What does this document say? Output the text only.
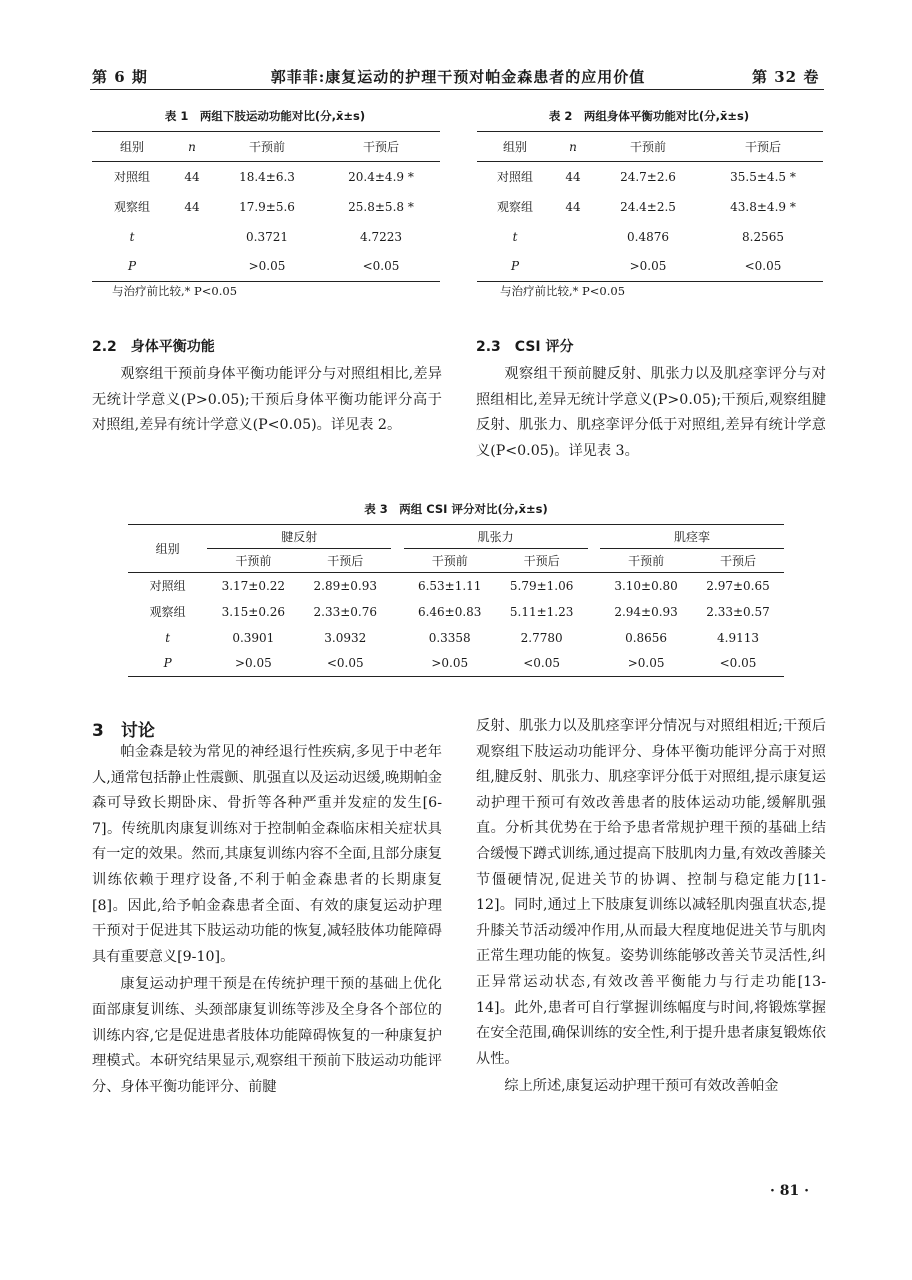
第 6 期	郭菲菲:康复运动的护理干预对帕金森患者的应用价值	第 32 卷
表 1　两组下肢运动功能对比(分,x̄±s)
组别	n	干预前	干预后
对照组	44	18.4±6.3	20.4±4.9 *
观察组	44	17.9±5.6	25.8±5.8 *
t		0.3721	4.7223
P		>0.05	<0.05
与治疗前比较,* P<0.05
表 2　两组身体平衡功能对比(分,x̄±s)
组别	n	干预前	干预后
对照组	44	24.7±2.6	35.5±4.5 *
观察组	44	24.4±2.5	43.8±4.9 *
t		0.4876	8.2565
P		>0.05	<0.05
与治疗前比较,* P<0.05
2.2　身体平衡功能

观察组干预前身体平衡功能评分与对照组相比,差异无统计学意义(P>0.05);干预后身体平衡功能评分高于对照组,差异有统计学意义(P<0.05)。详见表 2。

2.3　CSI 评分

观察组干预前腱反射、肌张力以及肌痉挛评分与对照组相比,差异无统计学意义(P>0.05);干预后,观察组腱反射、肌张力、肌痉挛评分低于对照组,差异有统计学意义(P<0.05)。详见表 3。

表 3　两组 CSI 评分对比(分,x̄±s)
组别	腱反射			肌张力			肌痉挛	
	干预前	干预后		干预前	干预后		干预前	干预后
对照组	3.17±0.22	2.89±0.93		6.53±1.11	5.79±1.06		3.10±0.80	2.97±0.65
观察组	3.15±0.26	2.33±0.76		6.46±0.83	5.11±1.23		2.94±0.93	2.33±0.57
t	0.3901	3.0932		0.3358	2.7780		0.8656	4.9113
P	>0.05	<0.05		>0.05	<0.05		>0.05	<0.05
3　讨论

帕金森是较为常见的神经退行性疾病,多见于中老年人,通常包括静止性震颤、肌强直以及运动迟缓,晚期帕金森可导致长期卧床、骨折等各种严重并发症的发生[6-7]。传统肌肉康复训练对于控制帕金森临床相关症状具有一定的效果。然而,其康复训练内容不全面,且部分康复训练依赖于理疗设备,不利于帕金森患者的长期康复[8]。因此,给予帕金森患者全面、有效的康复运动护理干预对于促进其下肢运动功能的恢复,减轻肢体功能障碍具有重要意义[9-10]。

康复运动护理干预是在传统护理干预的基础上优化面部康复训练、头颈部康复训练等涉及全身各个部位的训练内容,它是促进患者肢体功能障碍恢复的一种康复护理模式。本研究结果显示,观察组干预前下肢运动功能评分、身体平衡功能评分、前腱

反射、肌张力以及肌痉挛评分情况与对照组相近;干预后观察组下肢运动功能评分、身体平衡功能评分高于对照组,腱反射、肌张力、肌痉挛评分低于对照组,提示康复运动护理干预可有效改善患者的肢体运动功能,缓解肌强直。分析其优势在于给予患者常规护理干预的基础上结合缓慢下蹲式训练,通过提高下肢肌肉力量,有效改善膝关节僵硬情况,促进关节的协调、控制与稳定能力[11-12]。同时,通过上下肢康复训练以减轻肌肉强直状态,提升膝关节活动缓冲作用,从而最大程度地促进关节与肌肉正常生理功能的恢复。姿势训练能够改善关节灵活性,纠正异常运动状态,有效改善平衡能力与行走功能[13-14]。此外,患者可自行掌握训练幅度与时间,将锻炼掌握在安全范围,确保训练的安全性,利于提升患者康复锻炼依从性。

综上所述,康复运动护理干预可有效改善帕金

· 81 ·
